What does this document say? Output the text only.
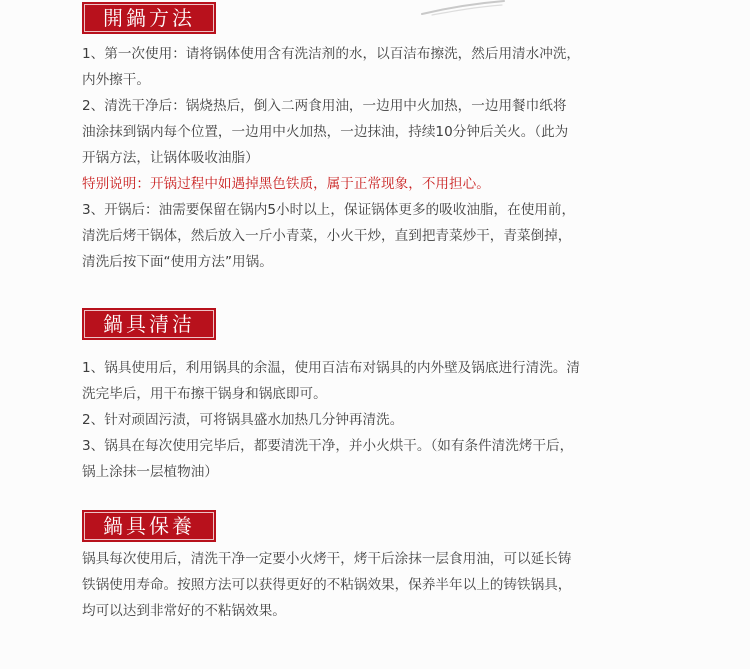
開鍋方法

1、第一次使用：请将锅体使用含有洗洁剂的水，以百洁布擦洗，然后用清水冲洗，
内外擦干。

2、清洗干净后：锅烧热后，倒入二两食用油，一边用中火加热，一边用餐巾纸将
油涂抹到锅内每个位置，一边用中火加热，一边抹油，持续10分钟后关火。（此为
开锅方法，让锅体吸收油脂）

特别说明：开锅过程中如遇掉黑色铁质，属于正常现象，不用担心。

3、开锅后：油需要保留在锅内5小时以上，保证锅体更多的吸收油脂，在使用前，
清洗后烤干锅体，然后放入一斤小青菜，小火干炒，直到把青菜炒干，青菜倒掉，
清洗后按下面“使用方法”用锅。

鍋具清洁

1、锅具使用后，利用锅具的余温，使用百洁布对锅具的内外壁及锅底进行清洗。清
洗完毕后，用干布擦干锅身和锅底即可。

2、针对顽固污渍，可将锅具盛水加热几分钟再清洗。

3、锅具在每次使用完毕后，都要清洗干净，并小火烘干。（如有条件清洗烤干后，
锅上涂抹一层植物油）

鍋具保養

锅具每次使用后，清洗干净一定要小火烤干，烤干后涂抹一层食用油，可以延长铸
铁锅使用寿命。按照方法可以获得更好的不粘锅效果，保养半年以上的铸铁锅具，
均可以达到非常好的不粘锅效果。
